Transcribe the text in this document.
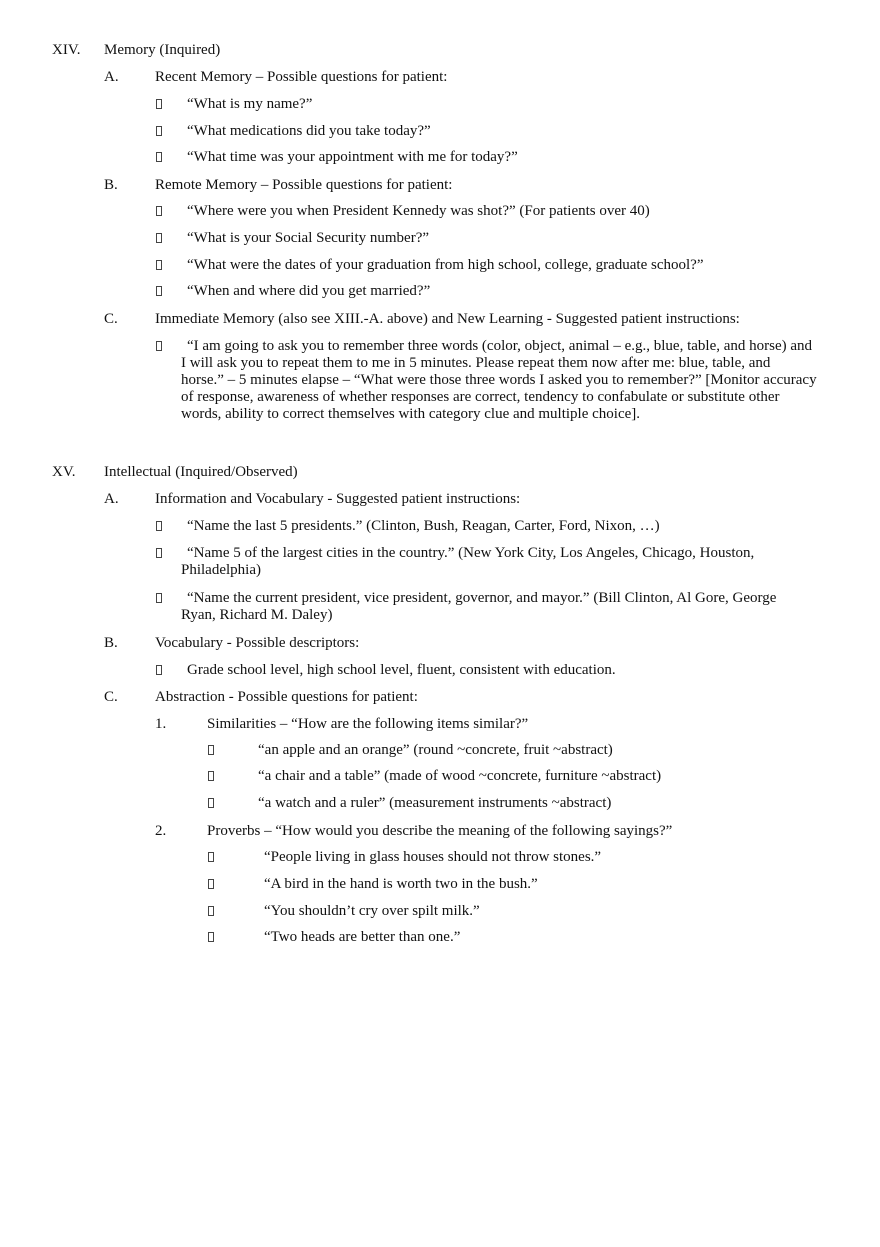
XIV. Memory (Inquired)
A. Recent Memory – Possible questions for patient:
“What is my name?”
“What medications did you take today?”
“What time was your appointment with me for today?”
B. Remote Memory – Possible questions for patient:
“Where were you when President Kennedy was shot?” (For patients over 40)
“What is your Social Security number?”
“What were the dates of your graduation from high school, college, graduate school?”
“When and where did you get married?”
C. Immediate Memory (also see XIII.-A. above) and New Learning - Suggested patient instructions:
“I am going to ask you to remember three words (color, object, animal – e.g., blue, table, and horse) and I will ask you to repeat them to me in 5 minutes. Please repeat them now after me: blue, table, and horse.” – 5 minutes elapse – “What were those three words I asked you to remember?” [Monitor accuracy of response, awareness of whether responses are correct, tendency to confabulate or substitute other words, ability to correct themselves with category clue and multiple choice].
XV. Intellectual (Inquired/Observed)
A. Information and Vocabulary - Suggested patient instructions:
“Name the last 5 presidents.” (Clinton, Bush, Reagan, Carter, Ford, Nixon, …)
“Name 5 of the largest cities in the country.” (New York City, Los Angeles, Chicago, Houston, Philadelphia)
“Name the current president, vice president, governor, and mayor.” (Bill Clinton, Al Gore, George Ryan, Richard M. Daley)
B. Vocabulary - Possible descriptors:
Grade school level, high school level, fluent, consistent with education.
C. Abstraction - Possible questions for patient:
1.	Similarities – “How are the following items similar?”
“an apple and an orange” (round ~concrete, fruit ~abstract)
“a chair and a table” (made of wood ~concrete, furniture ~abstract)
“a watch and a ruler” (measurement instruments ~abstract)
2.	Proverbs – “How would you describe the meaning of the following sayings?”
“People living in glass houses should not throw stones.”
“A bird in the hand is worth two in the bush.”
“You shouldn’t cry over spilt milk.”
“Two heads are better than one.”
